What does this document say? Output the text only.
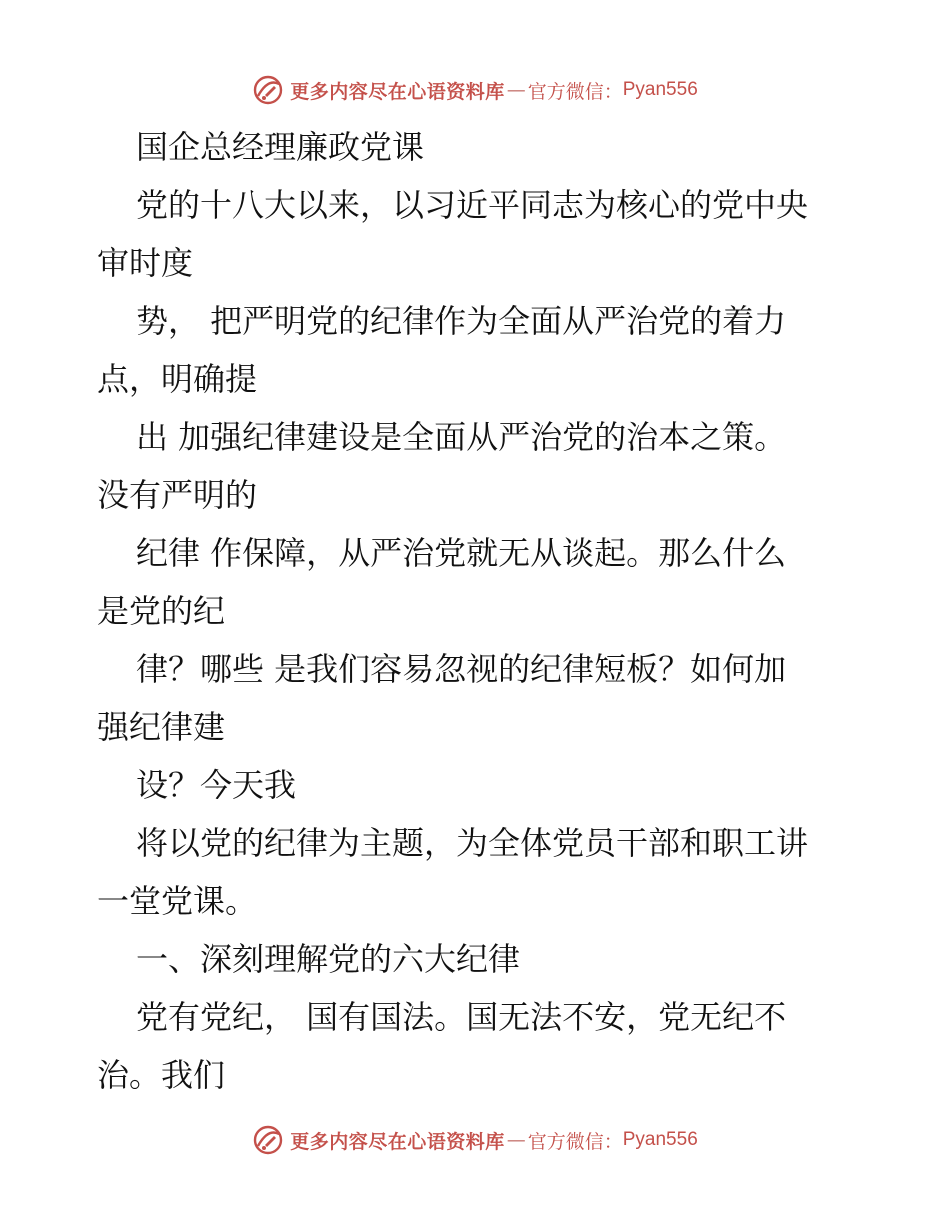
更多内容尽在心语资料库 — 官方微信： Pyan556

国企总经理廉政党课

党的十八大以来，以习近平同志为核心的党中央
审时度

势， 把严明党的纪律作为全面从严治党的着力
点，明确提

出 加强纪律建设是全面从严治党的治本之策。
没有严明的

纪律 作保障，从严治党就无从谈起。那么什么
是党的纪

律？哪些 是我们容易忽视的纪律短板？如何加
强纪律建

设？今天我

将以党的纪律为主题，为全体党员干部和职工讲
一堂党课。

一、深刻理解党的六大纪律

党有党纪， 国有国法。国无法不安，党无纪不
治。我们

更多内容尽在心语资料库 — 官方微信： Pyan556
